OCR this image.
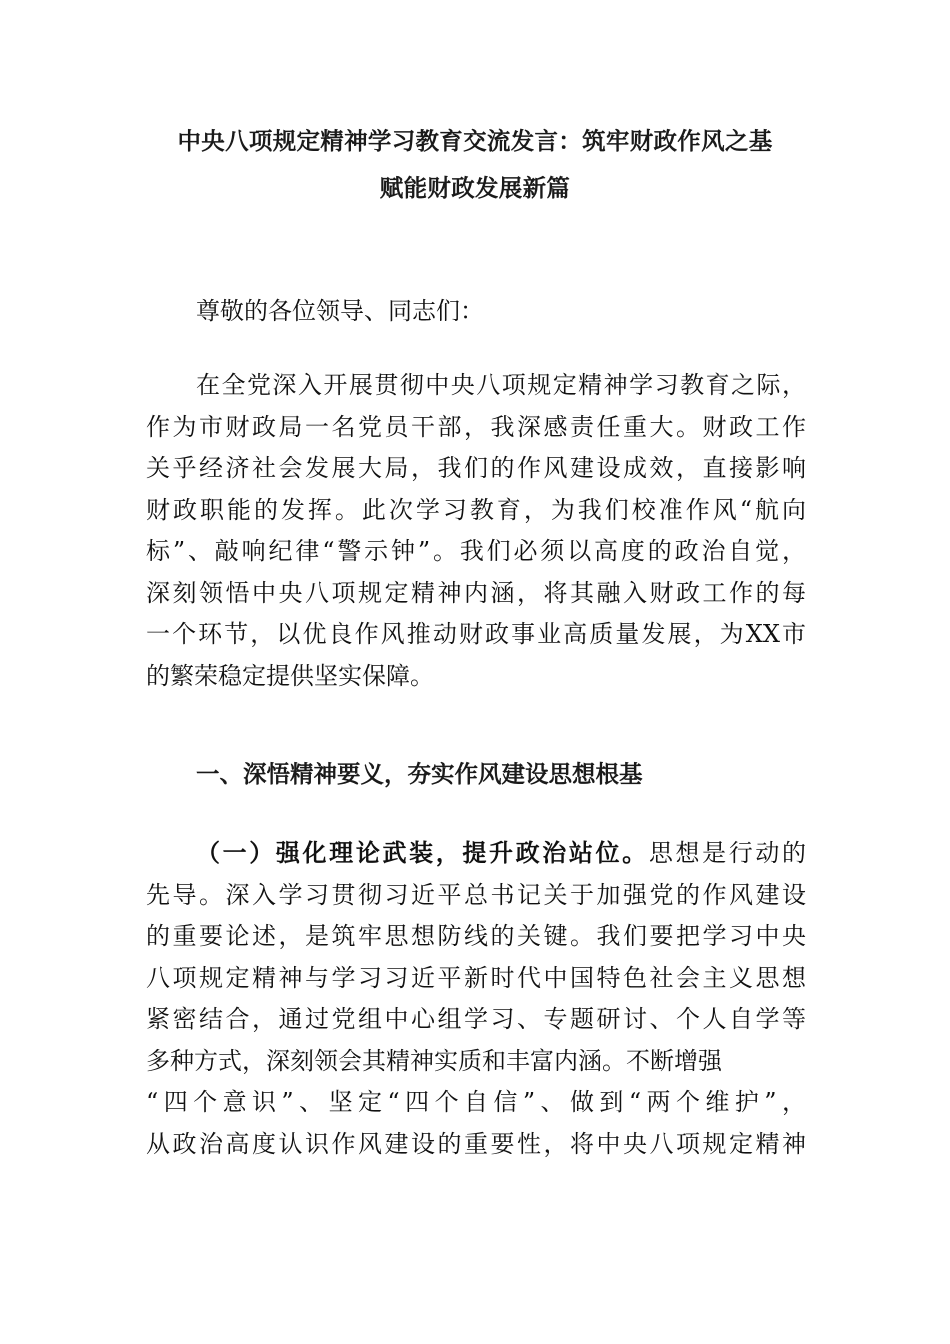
中央八项规定精神学习教育交流发言：筑牢财政作风之基
赋能财政发展新篇
尊敬的各位领导、同志们：
在全党深入开展贯彻中央八项规定精神学习教育之际，
作为市财政局一名党员干部，我深感责任重大。财政工作
关乎经济社会发展大局，我们的作风建设成效，直接影响
财政职能的发挥。此次学习教育，为我们校准作风“航向
标”、敲响纪律“警示钟”。我们必须以高度的政治自觉，
深刻领悟中央八项规定精神内涵，将其融入财政工作的每
一个环节，以优良作风推动财政事业高质量发展，为XX市
的繁荣稳定提供坚实保障。
一、深悟精神要义，夯实作风建设思想根基
（一）强化理论武装，提升政治站位。思想是行动的
先导。深入学习贯彻习近平总书记关于加强党的作风建设
的重要论述，是筑牢思想防线的关键。我们要把学习中央
八项规定精神与学习习近平新时代中国特色社会主义思想
紧密结合，通过党组中心组学习、专题研讨、个人自学等
多种方式，深刻领会其精神实质和丰富内涵。不断增强
“四个意识”、坚定“四个自信”、做到“两个维护”，
从政治高度认识作风建设的重要性，将中央八项规定精神
